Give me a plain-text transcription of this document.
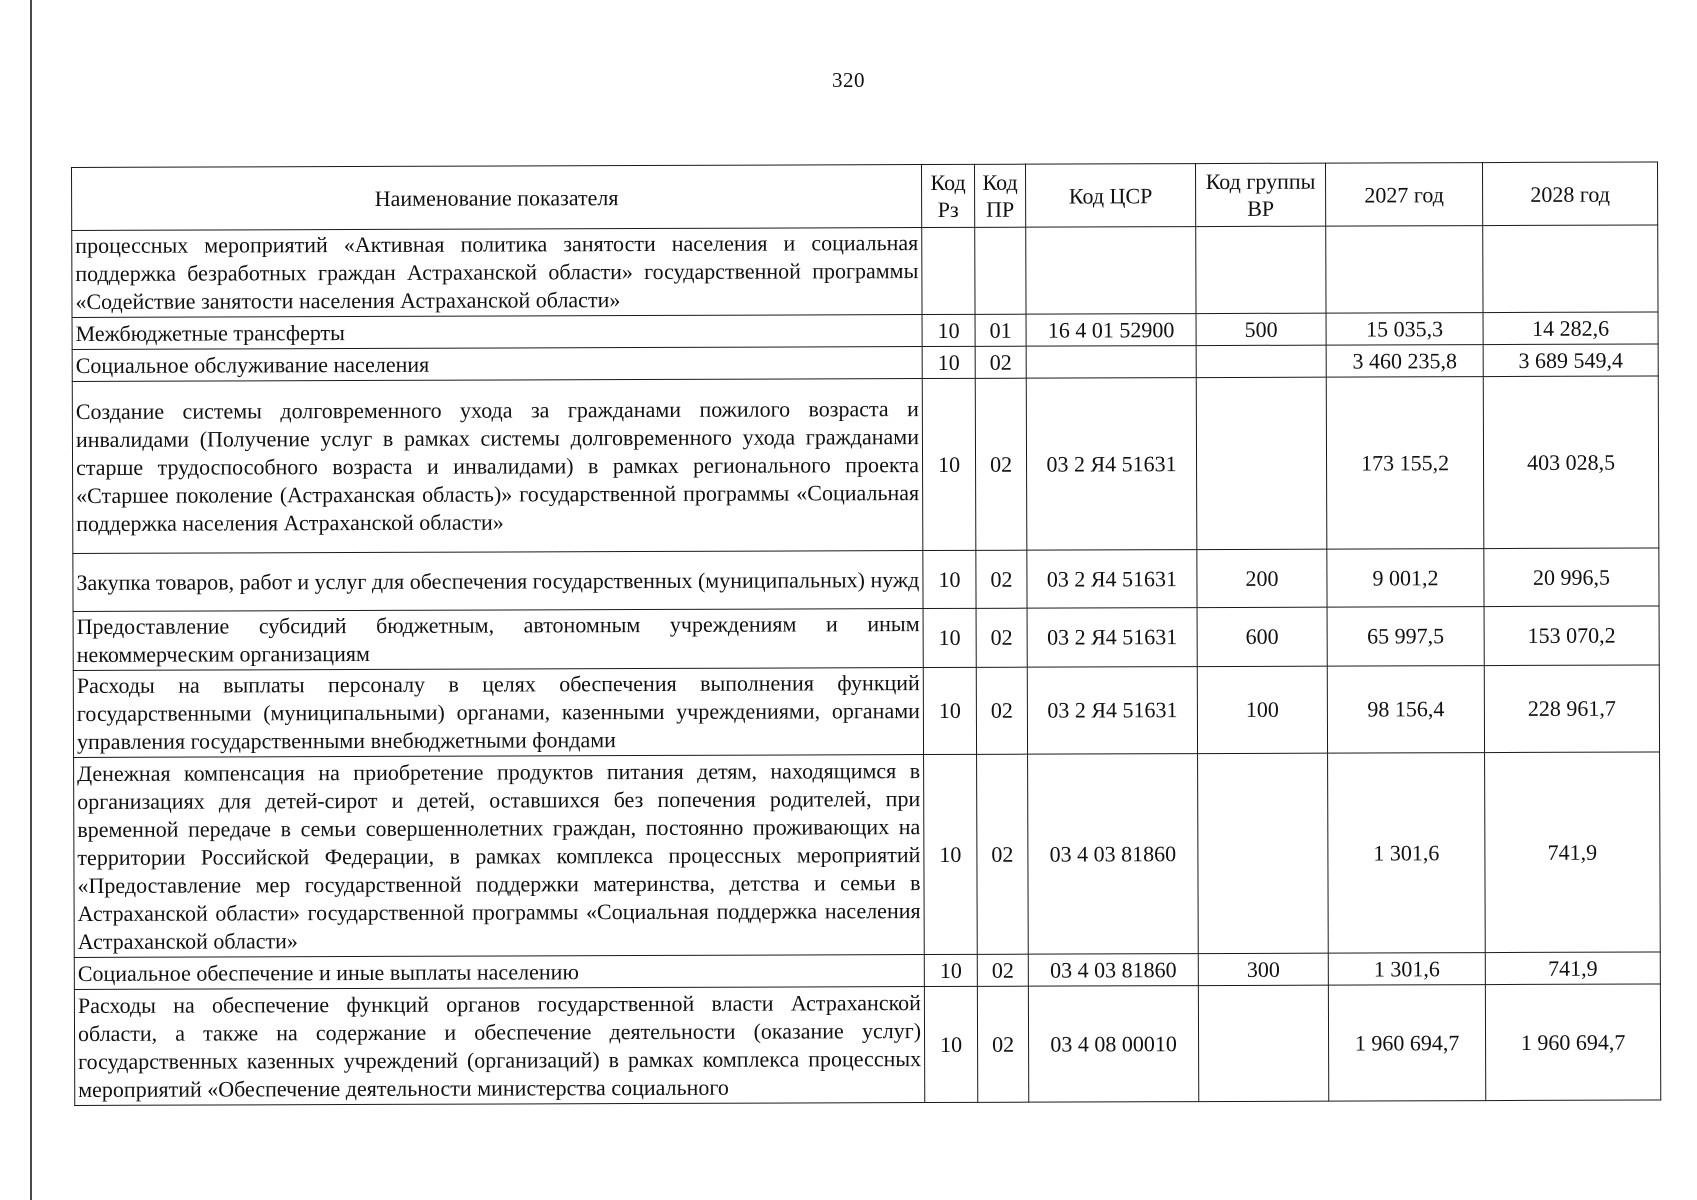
320
Наименование показателя	Код Рз	Код ПР	Код ЦСР	Код группы ВР	2027 год	2028 год
процессных мероприятий «Активная политика занятости населения и социальная поддержка безработных граждан Астраханской области» государственной программы «Содействие занятости населения Астраханской области»						
Межбюджетные трансферты	10	01	16 4 01 52900	500	15 035,3	14 282,6
Социальное обслуживание населения	10	02			3 460 235,8	3 689 549,4
Создание системы долговременного ухода за гражданами пожилого возраста и инвалидами (Получение услуг в рамках системы долговременного ухода гражданами старше трудоспособного возраста и инвалидами) в рамках регионального проекта «Старшее поколение (Астраханская область)» государственной программы «Социальная поддержка населения Астраханской области»	10	02	03 2 Я4 51631		173 155,2	403 028,5
Закупка товаров, работ и услуг для обеспечения государственных (муниципальных) нужд	10	02	03 2 Я4 51631	200	9 001,2	20 996,5
Предоставление субсидий бюджетным, автономным учреждениям и иным некоммерческим организациям	10	02	03 2 Я4 51631	600	65 997,5	153 070,2
Расходы на выплаты персоналу в целях обеспечения выполнения функций государственными (муниципальными) органами, казенными учреждениями, органами управления государственными внебюджетными фондами	10	02	03 2 Я4 51631	100	98 156,4	228 961,7
Денежная компенсация на приобретение продуктов питания детям, находящимся в организациях для детей-сирот и детей, оставшихся без попечения родителей, при временной передаче в семьи совершеннолетних граждан, постоянно проживающих на территории Российской Федерации, в рамках комплекса процессных мероприятий «Предоставление мер государственной поддержки материнства, детства и семьи в Астраханской области» государственной программы «Социальная поддержка населения Астраханской области»	10	02	03 4 03 81860		1 301,6	741,9
Социальное обеспечение и иные выплаты населению	10	02	03 4 03 81860	300	1 301,6	741,9
Расходы на обеспечение функций органов государственной власти Астраханской области, а также на содержание и обеспечение деятельности (оказание услуг) государственных казенных учреждений (организаций) в рамках комплекса процессных мероприятий «Обеспечение деятельности министерства социального	10	02	03 4 08 00010		1 960 694,7	1 960 694,7
